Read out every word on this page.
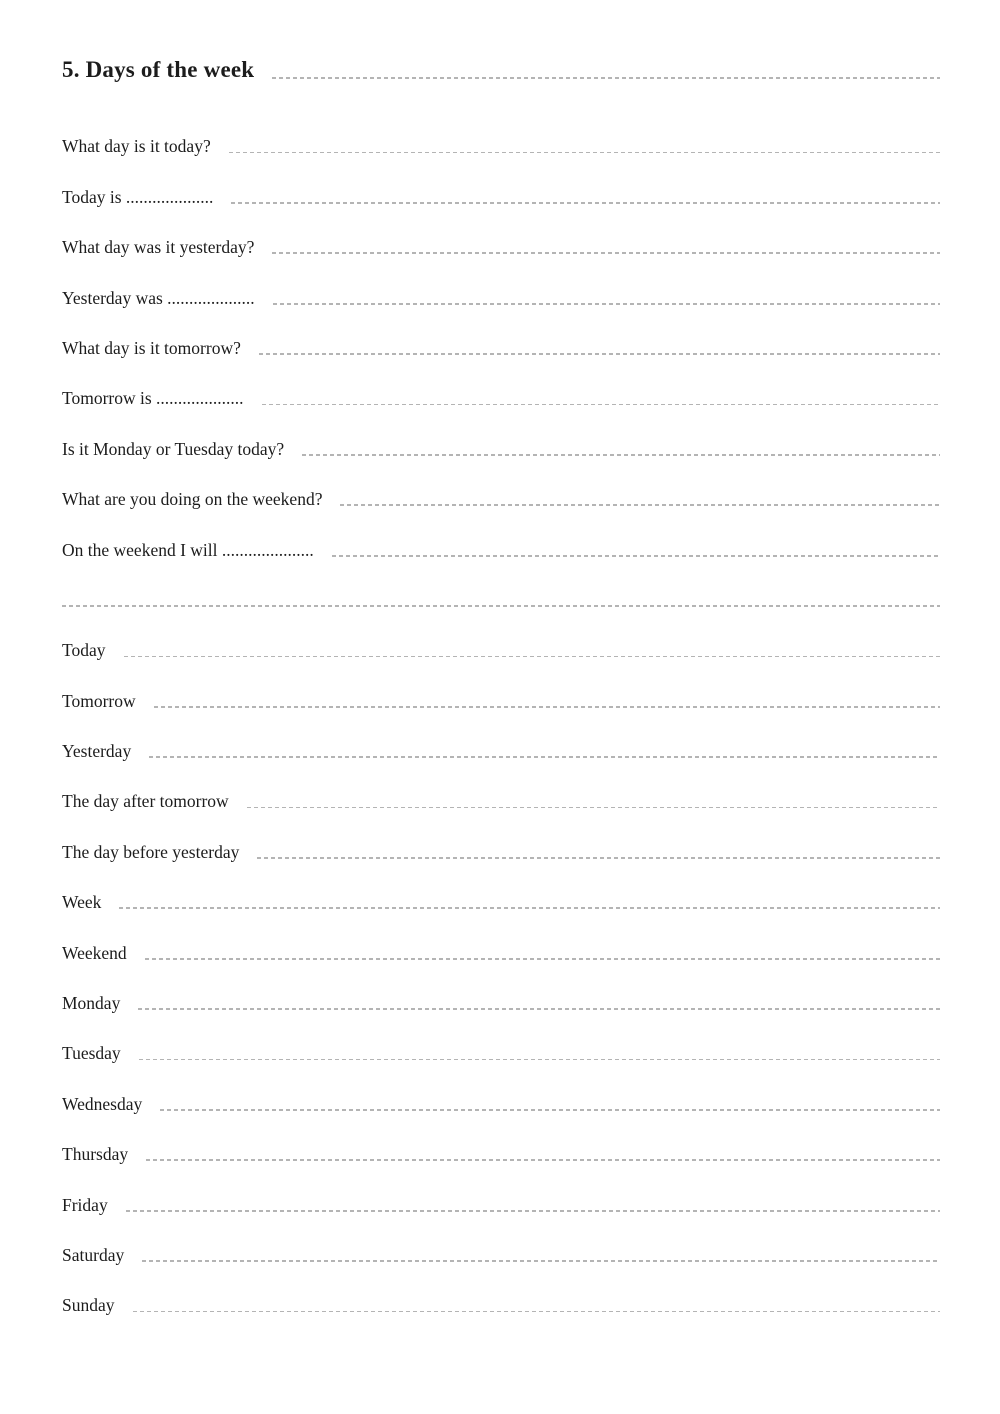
5. Days of the week
What day is it today?
Today is ....................
What day was it yesterday?
Yesterday was ....................
What day is it tomorrow?
Tomorrow is ....................
Is it Monday or Tuesday today?
What are you doing on the weekend?
On the weekend I will .....................
Today
Tomorrow
Yesterday
The day after tomorrow
The day before yesterday
Week
Weekend
Monday
Tuesday
Wednesday
Thursday
Friday
Saturday
Sunday
